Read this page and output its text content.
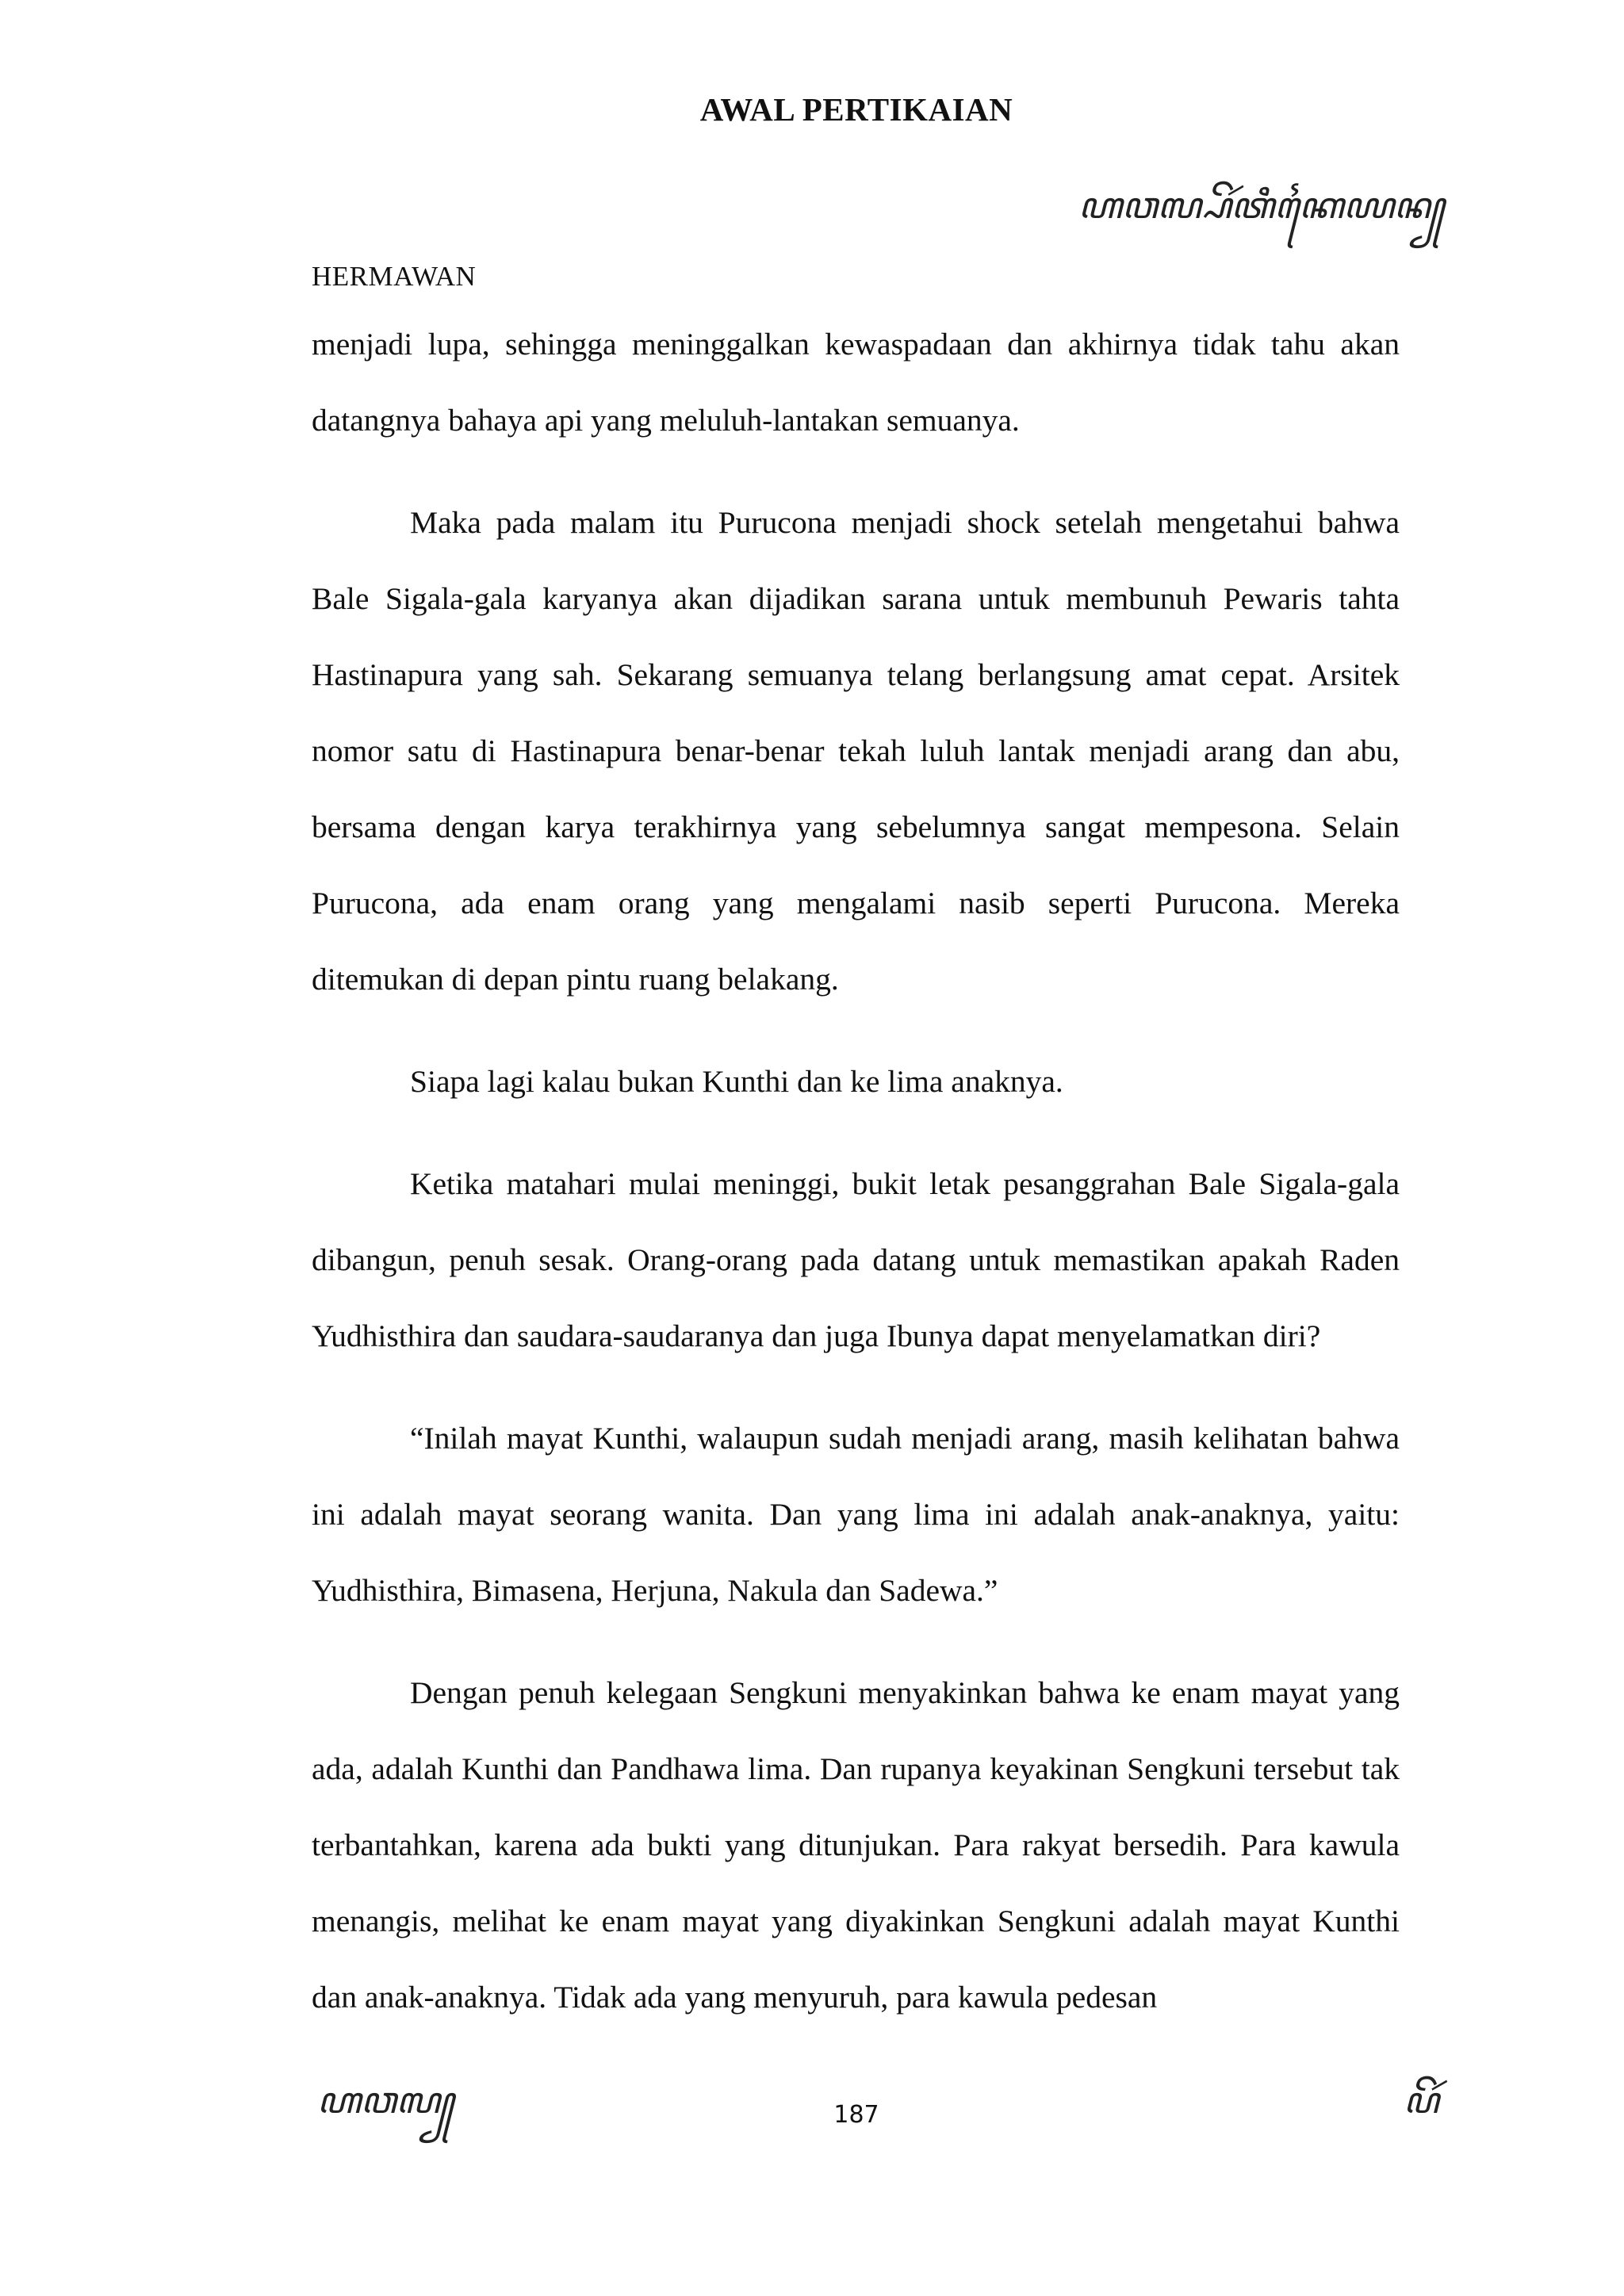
AWAL PERTIKAIAN
ꦲꦮꦭ꧀ꦥꦼꦂꦠꦶꦏꦻꦪꦤ꧀
HERMAWAN

menjadi lupa, sehingga meninggalkan kewaspadaan dan akhirnya tidak tahu akan datangnya bahaya api yang meluluh-lantakan semuanya.

Maka pada malam itu Purucona menjadi shock setelah mengetahui bahwa Bale Sigala-gala karyanya akan dijadikan sarana untuk membunuh Pewaris tahta Hastinapura yang sah. Sekarang semuanya telang berlangsung amat cepat. Arsitek nomor satu di Hastinapura benar-benar tekah luluh lantak menjadi arang dan abu, bersama dengan karya terakhirnya yang sebelumnya sangat mempesona. Selain Purucona, ada enam orang yang mengalami nasib seperti Purucona. Mereka ditemukan di depan pintu ruang belakang.

Siapa lagi kalau bukan Kunthi dan ke lima anaknya.

Ketika matahari mulai meninggi, bukit letak pesanggrahan Bale Sigala-gala dibangun, penuh sesak. Orang-orang pada datang untuk memastikan apakah Raden Yudhisthira dan saudara-saudaranya dan juga Ibunya dapat menyelamatkan diri?

“Inilah mayat Kunthi, walaupun sudah menjadi arang, masih kelihatan bahwa ini adalah mayat seorang wanita. Dan yang lima ini adalah anak-anaknya, yaitu: Yudhisthira, Bimasena, Herjuna, Nakula dan Sadewa.”

Dengan penuh kelegaan Sengkuni menyakinkan bahwa ke enam mayat yang ada, adalah Kunthi dan Pandhawa lima. Dan rupanya keyakinan Sengkuni tersebut tak terbantahkan, karena ada bukti yang ditunjukan. Para rakyat bersedih. Para kawula menangis, melihat ke enam mayat yang diyakinkan Sengkuni adalah mayat Kunthi dan anak-anaknya. Tidak ada yang menyuruh, para kawula pedesan

187
ꦲꦮꦭ꧀	ꦥꦼꦂ
